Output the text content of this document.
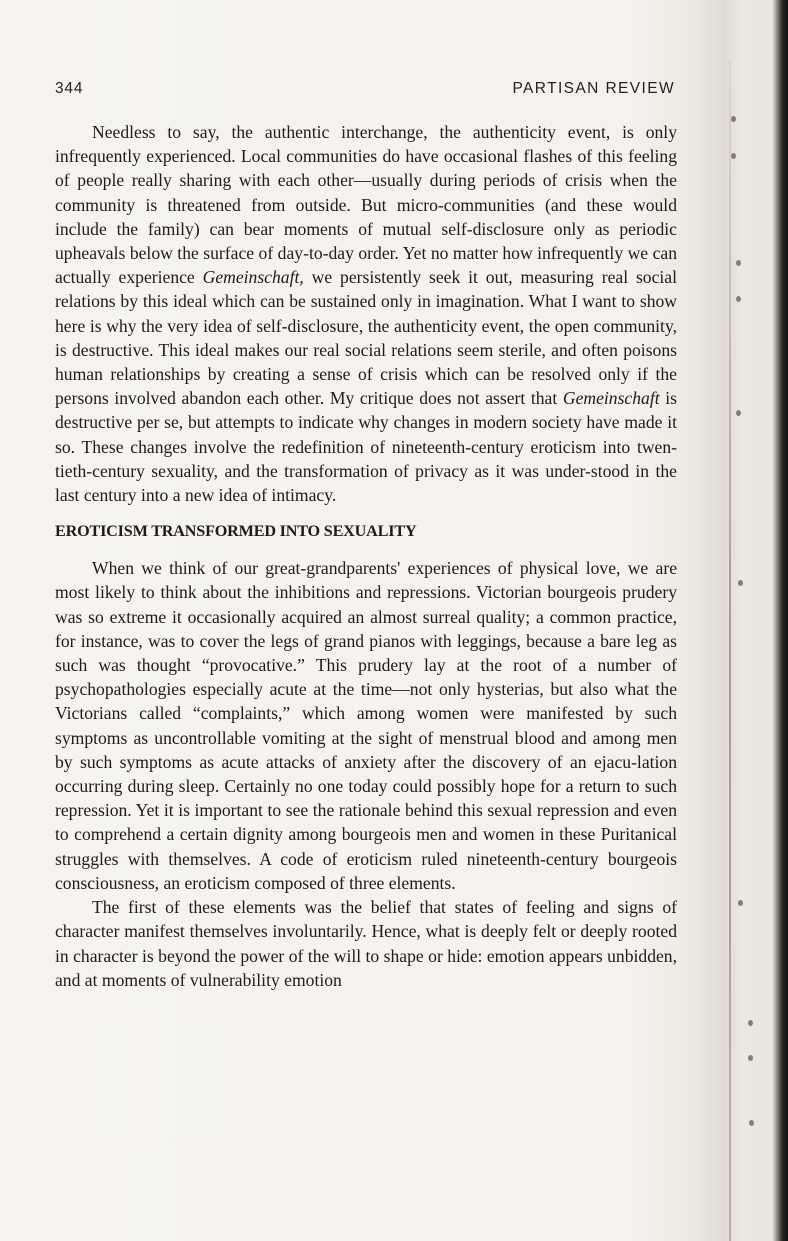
344	PARTISAN REVIEW

Needless to say, the authentic interchange, the authenticity event, is only infrequently experienced. Local communities do have occasional flashes of this feeling of people really sharing with each other—usually during periods of crisis when the community is threatened from outside. But micro-communities (and these would include the family) can bear moments of mutual self-disclosure only as periodic upheavals below the surface of day-to-day order. Yet no matter how infrequently we can actually experience Gemeinschaft, we persistently seek it out, measuring real social relations by this ideal which can be sustained only in imagination. What I want to show here is why the very idea of self-disclosure, the authenticity event, the open community, is destructive. This ideal makes our real social relations seem sterile, and often poisons human relationships by creating a sense of crisis which can be resolved only if the persons involved abandon each other. My critique does not assert that Gemeinschaft is destructive per se, but attempts to indicate why changes in modern society have made it so. These changes involve the redefinition of nineteenth-century eroticism into twen-tieth-century sexuality, and the transformation of privacy as it was under-stood in the last century into a new idea of intimacy.

EROTICISM TRANSFORMED INTO SEXUALITY

When we think of our great-grandparents' experiences of physical love, we are most likely to think about the inhibitions and repressions. Victorian bourgeois prudery was so extreme it occasionally acquired an almost surreal quality; a common practice, for instance, was to cover the legs of grand pianos with leggings, because a bare leg as such was thought “provocative.” This prudery lay at the root of a number of psychopathologies especially acute at the time—not only hysterias, but also what the Victorians called “complaints,” which among women were manifested by such symptoms as uncontrollable vomiting at the sight of menstrual blood and among men by such symptoms as acute attacks of anxiety after the discovery of an ejacu-lation occurring during sleep. Certainly no one today could possibly hope for a return to such repression. Yet it is important to see the rationale behind this sexual repression and even to comprehend a certain dignity among bourgeois men and women in these Puritanical struggles with themselves. A code of eroticism ruled nineteenth-century bourgeois consciousness, an eroticism composed of three elements.

The first of these elements was the belief that states of feeling and signs of character manifest themselves involuntarily. Hence, what is deeply felt or deeply rooted in character is beyond the power of the will to shape or hide: emotion appears unbidden, and at moments of vulnerability emotion
